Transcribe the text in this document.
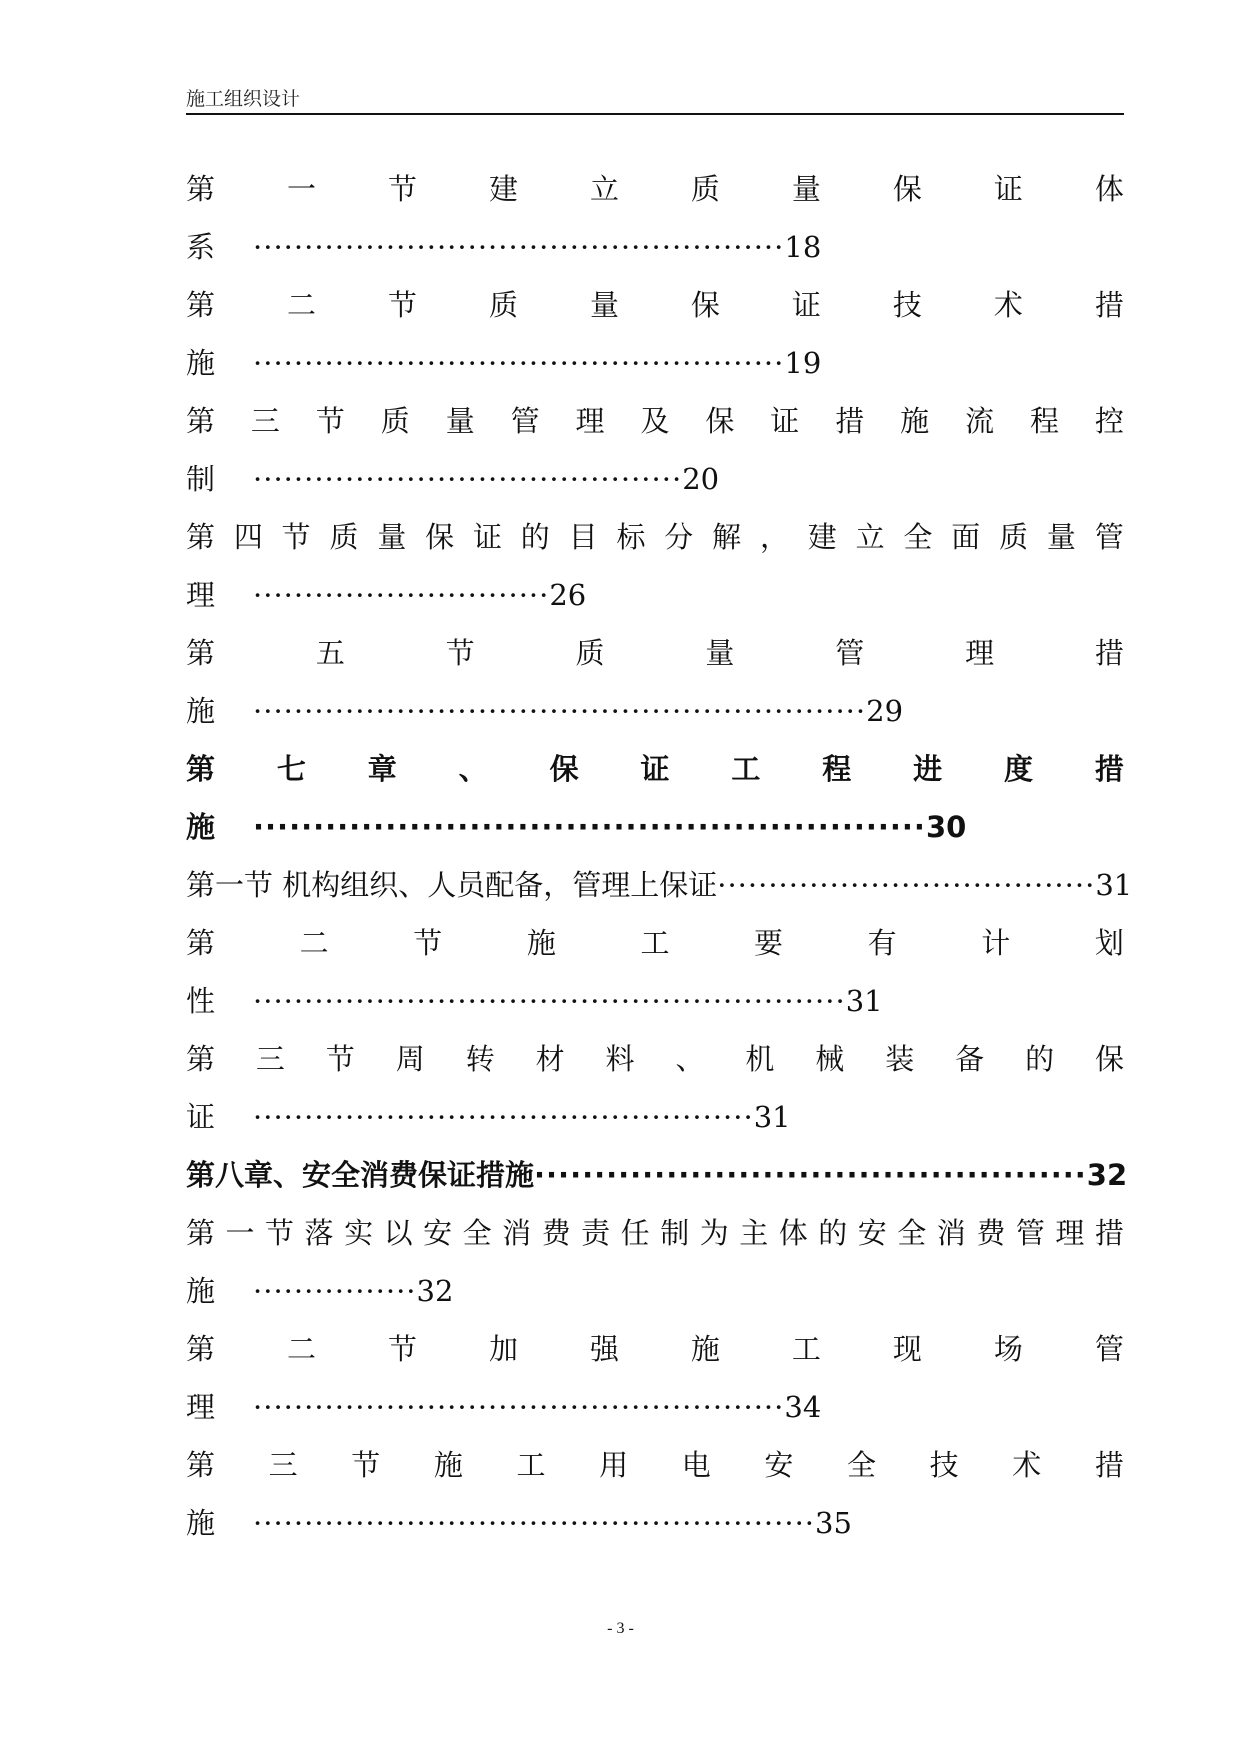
施工组织设计
第 一 节 建 立 质 量 保 证 体
系 ····················································18
第 二 节 质 量 保 证 技 术 措
施 ····················································19
第 三 节 质 量 管 理 及 保 证 措 施 流 程 控
制 ··········································20
第 四 节 质 量 保 证 的 目 标 分 解 ， 建 立 全 面 质 量 管
理 ·····························26
第	五	节	质	量	管	理	措
施 ····························································29
第 七 章 、 保 证 工 程 进 度 措
施 ························································30
第一节 机构组织、人员配备，管理上保证 ····································· 31
第	二	节	施	工	要	有	计	划
性 ··························································31
第 三 节 周 转 材 料 、 机 械 装 备 的 保
证 ·················································31
第八章、安全消费保证措施 ·············································· 32
第 一 节 落 实 以 安 全 消 费 责 任 制 为 主 体 的 安 全 消 费 管 理 措
施 ················32
第 二 节 加 强 施 工 现 场 管
理 ····················································34
第 三 节 施 工 用 电 安 全 技 术 措
施 ·······················································35
- 3 -
